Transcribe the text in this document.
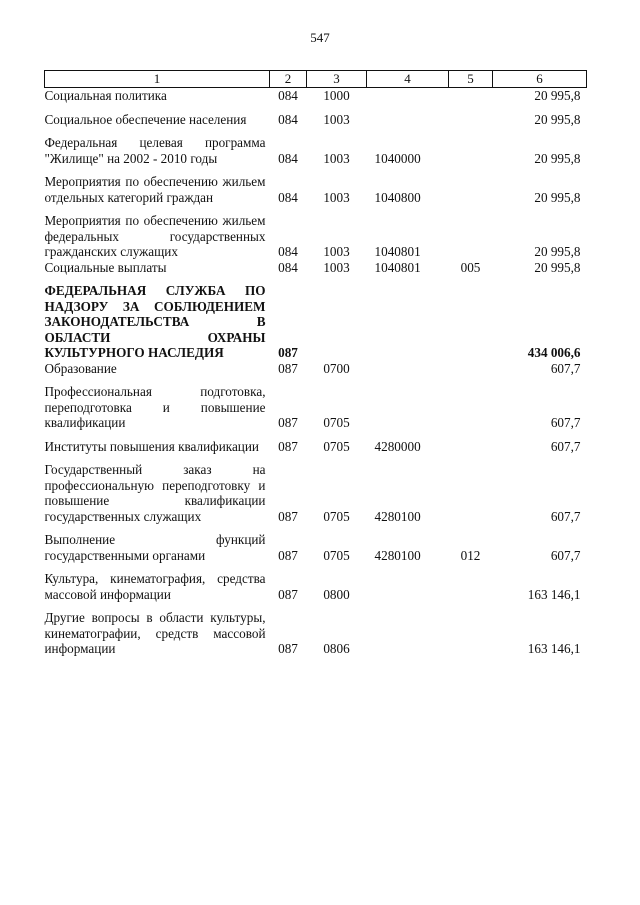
547
1	2	3	4	5	6
Социальная политика	084	1000			20 995,8
Социальное обеспечение населения	084	1003			20 995,8
Федеральная целевая программа "Жилище" на 2002 - 2010 годы	084	1003	1040000		20 995,8
Мероприятия по обеспечению жильем отдельных категорий граждан	084	1003	1040800		20 995,8
Мероприятия по обеспечению жильем федеральных государственных гражданских служащих	084	1003	1040801		20 995,8
Социальные выплаты	084	1003	1040801	005	20 995,8
ФЕДЕРАЛЬНАЯ СЛУЖБА ПО НАДЗОРУ ЗА СОБЛЮДЕНИЕМ ЗАКОНОДАТЕЛЬСТВА В ОБЛАСТИ ОХРАНЫ КУЛЬТУРНОГО НАСЛЕДИЯ	087				434 006,6
Образование	087	0700			607,7
Профессиональная подготовка, переподготовка и повышение квалификации	087	0705			607,7
Институты повышения квалификации	087	0705	4280000		607,7
Государственный заказ на профессиональную переподготовку и повышение квалификации государственных служащих	087	0705	4280100		607,7
Выполнение функций государственными органами	087	0705	4280100	012	607,7
Культура, кинематография, средства массовой информации	087	0800			163 146,1
Другие вопросы в области культуры, кинематографии, средств массовой информации	087	0806			163 146,1
